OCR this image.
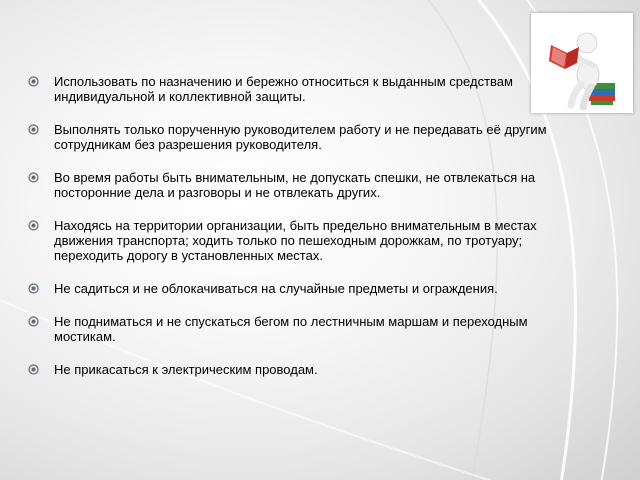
Использовать по назначению и бережно относиться к выданным средствам индивидуальной и коллективной защиты.
Выполнять только порученную руководителем работу и не передавать её другим сотрудникам без разрешения руководителя.
Во время работы быть внимательным, не допускать спешки, не отвлекаться на посторонние дела и разговоры и не отвлекать других.
Находясь на территории организации, быть предельно внимательным в местах движения транспорта; ходить только по пешеходным дорожкам, по тротуару; переходить дорогу в установленных местах.
Не садиться и не облокачиваться на случайные предметы и ограждения.
Не подниматься и не спускаться бегом по лестничным маршам и переходным мостикам.
Не прикасаться к электрическим проводам.
